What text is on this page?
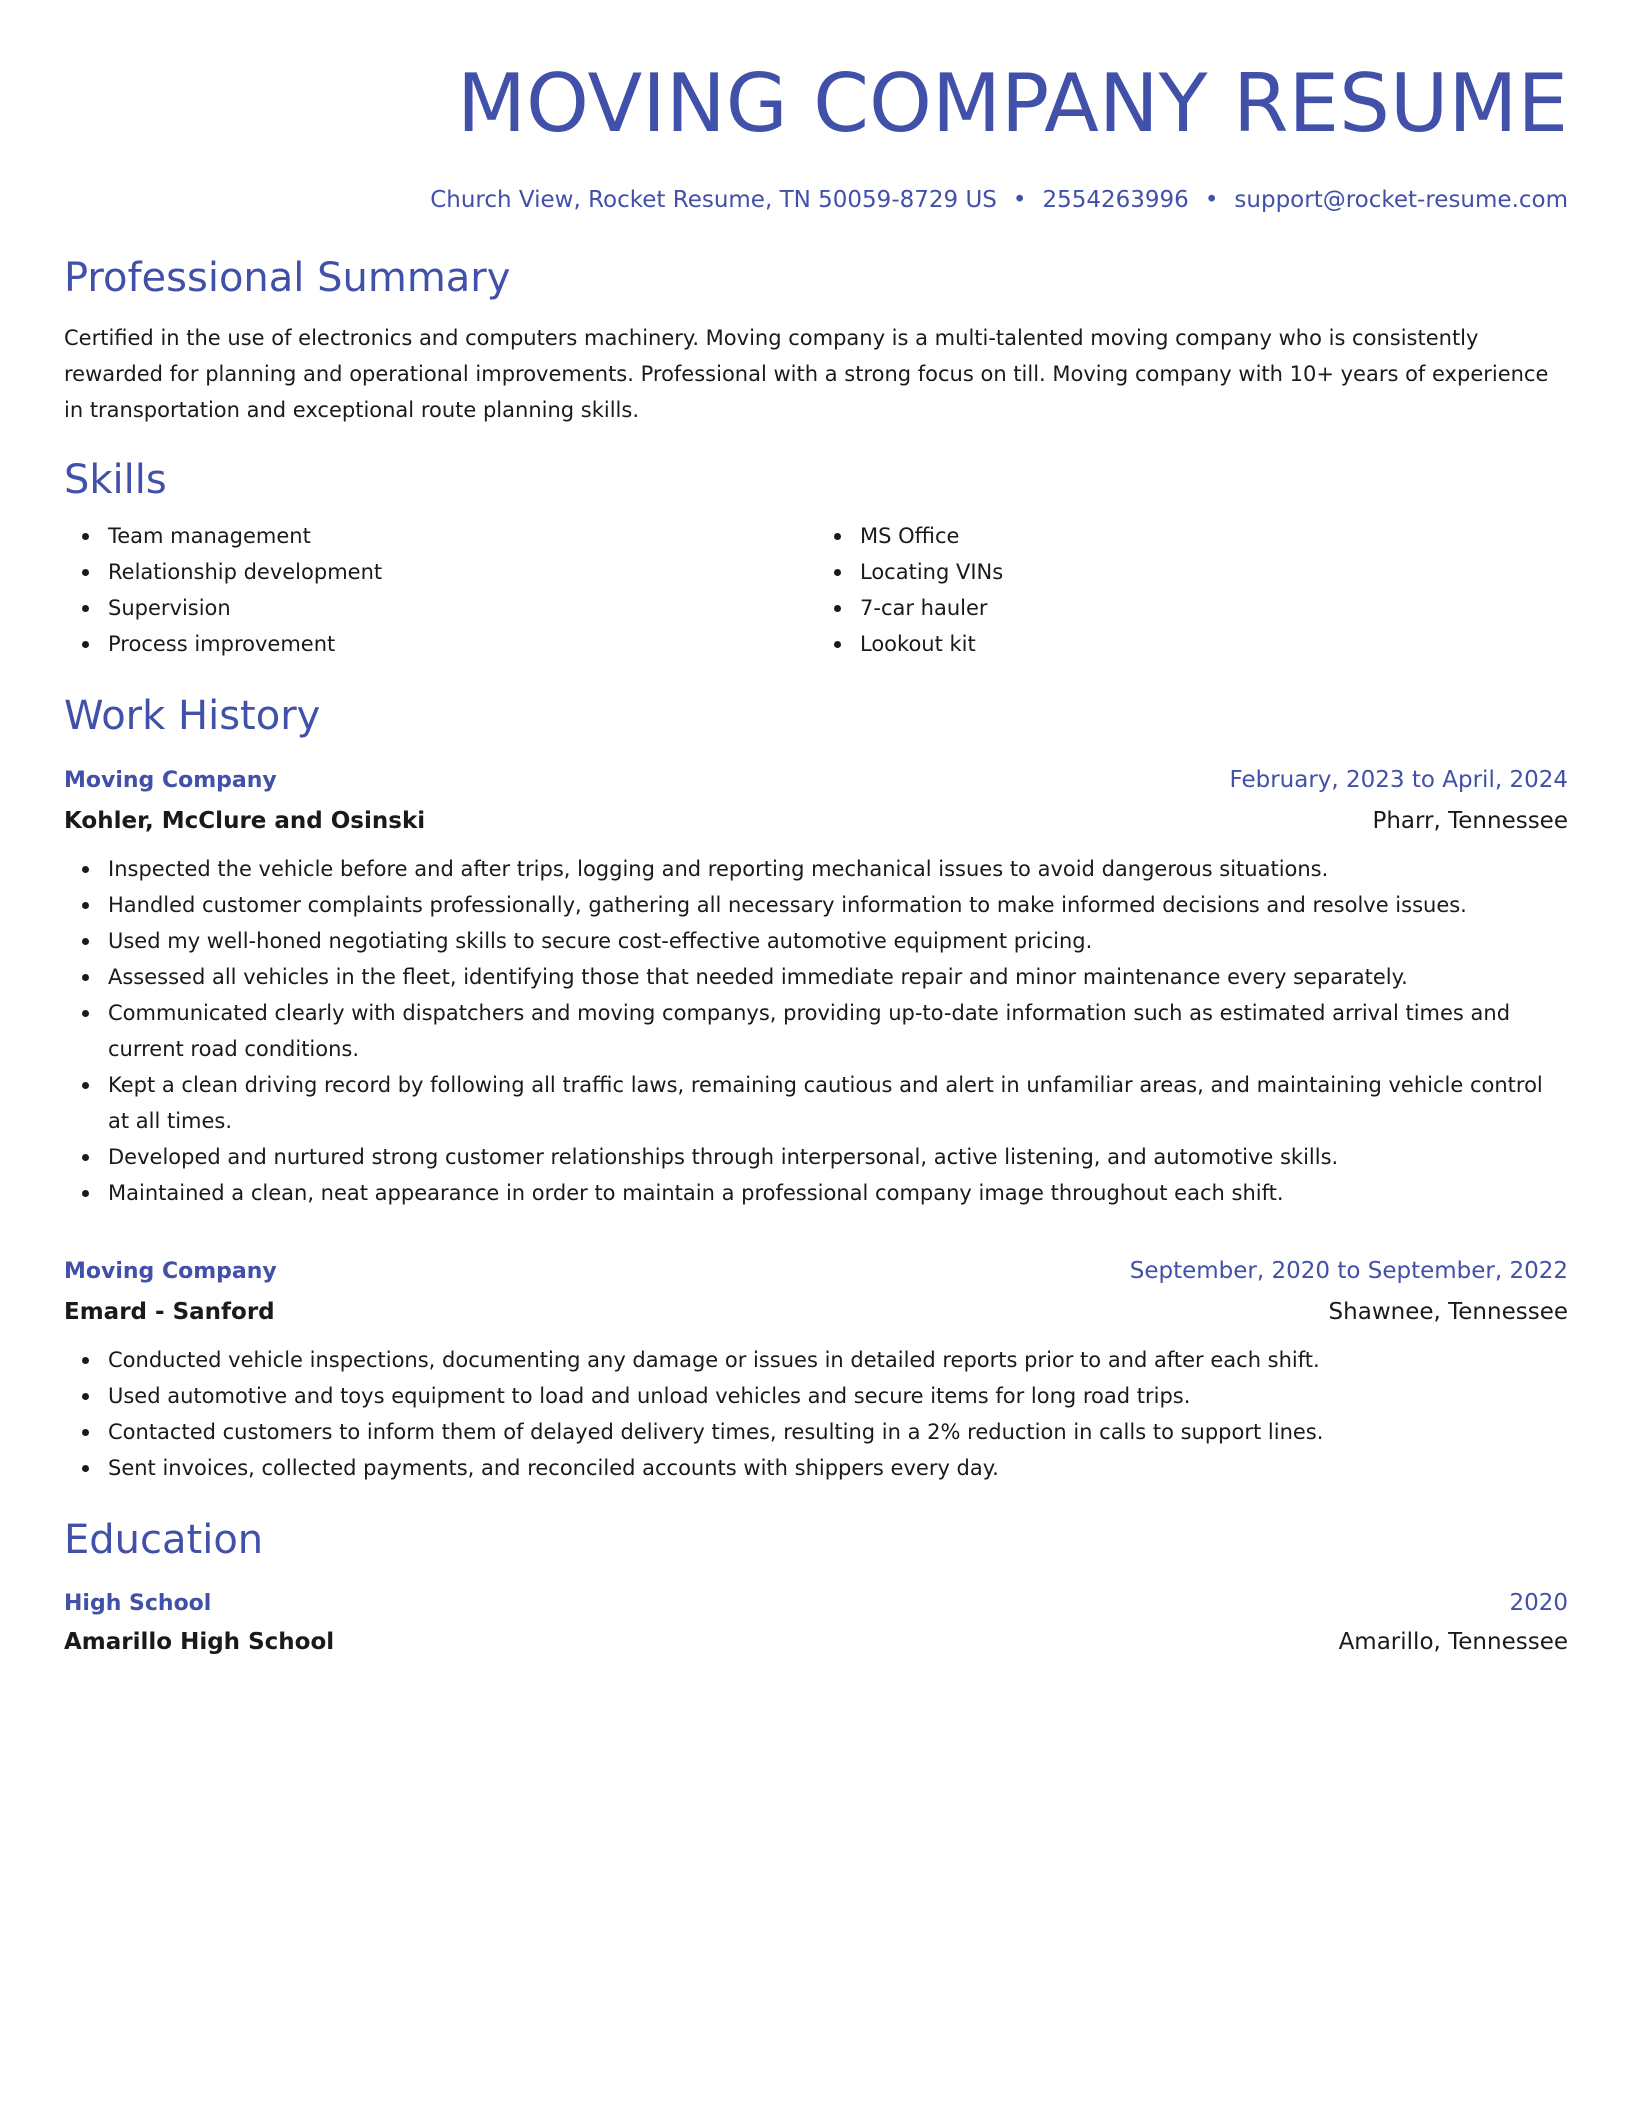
MOVING COMPANY RESUME
Church View, Rocket Resume, TN 50059-8729 US • 2554263996 • support@rocket-resume.com
Professional Summary
Certified in the use of electronics and computers machinery. Moving company is a multi-talented moving company who is consistently rewarded for planning and operational improvements. Professional with a strong focus on till. Moving company with 10+ years of experience in transportation and exceptional route planning skills.
Skills
Team management
Relationship development
Supervision
Process improvement
MS Office
Locating VINs
7-car hauler
Lookout kit
Work History
Moving Company	February, 2023 to April, 2024
Kohler, McClure and Osinski	Pharr, Tennessee
Inspected the vehicle before and after trips, logging and reporting mechanical issues to avoid dangerous situations.
Handled customer complaints professionally, gathering all necessary information to make informed decisions and resolve issues.
Used my well-honed negotiating skills to secure cost-effective automotive equipment pricing.
Assessed all vehicles in the fleet, identifying those that needed immediate repair and minor maintenance every separately.
Communicated clearly with dispatchers and moving companys, providing up-to-date information such as estimated arrival times and current road conditions.
Kept a clean driving record by following all traffic laws, remaining cautious and alert in unfamiliar areas, and maintaining vehicle control at all times.
Developed and nurtured strong customer relationships through interpersonal, active listening, and automotive skills.
Maintained a clean, neat appearance in order to maintain a professional company image throughout each shift.
Moving Company	September, 2020 to September, 2022
Emard - Sanford	Shawnee, Tennessee
Conducted vehicle inspections, documenting any damage or issues in detailed reports prior to and after each shift.
Used automotive and toys equipment to load and unload vehicles and secure items for long road trips.
Contacted customers to inform them of delayed delivery times, resulting in a 2% reduction in calls to support lines.
Sent invoices, collected payments, and reconciled accounts with shippers every day.
Education
High School	2020
Amarillo High School	Amarillo, Tennessee
